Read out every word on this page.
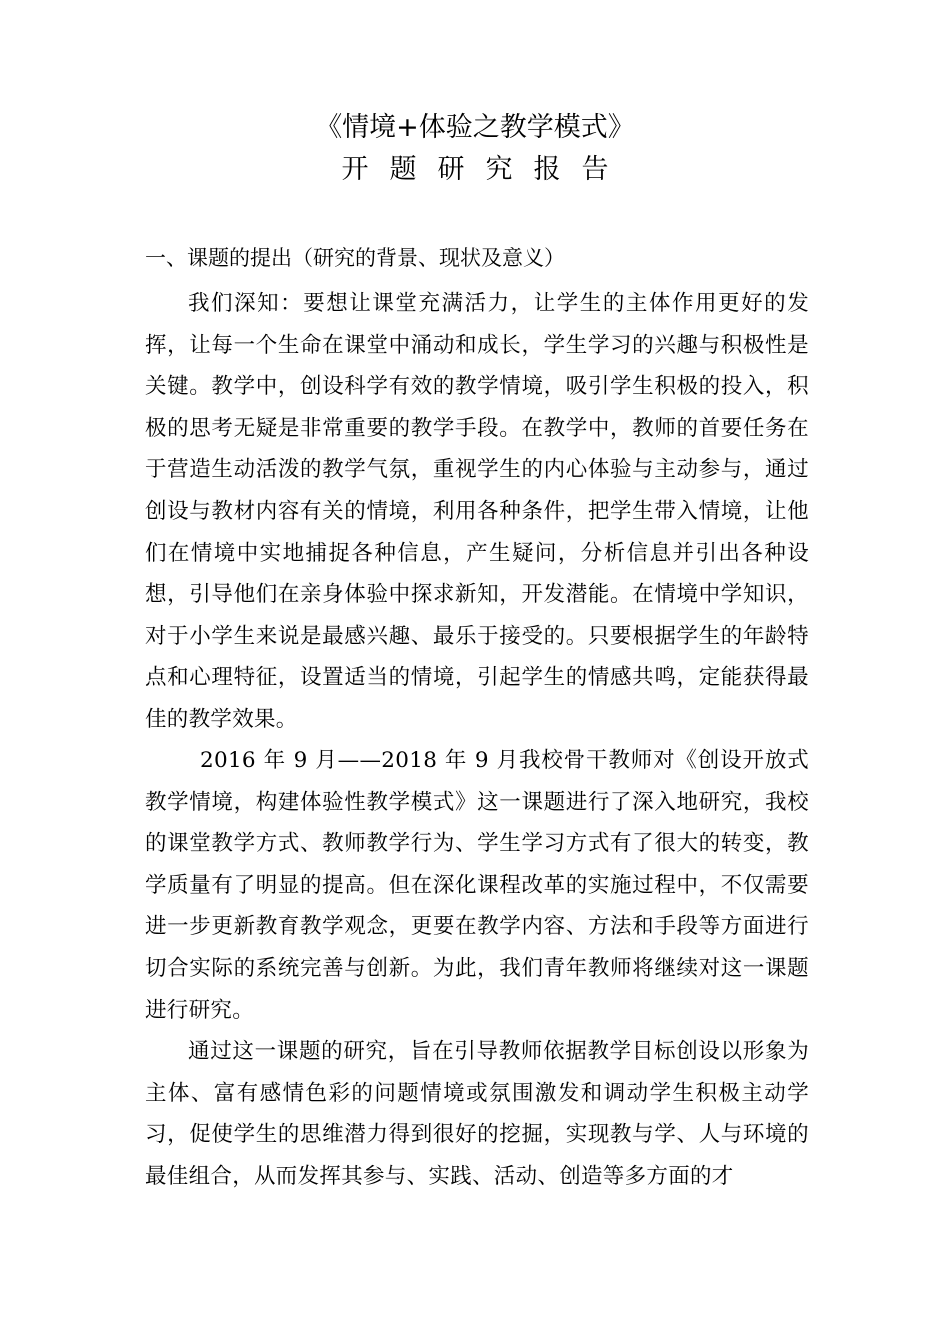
《情境+体验之教学模式》
开题研究报告
一、课题的提出（研究的背景、现状及意义）

我们深知：要想让课堂充满活力，让学生的主体作用更好的发挥，让每一个生命在课堂中涌动和成长，学生学习的兴趣与积极性是关键。教学中，创设科学有效的教学情境，吸引学生积极的投入，积极的思考无疑是非常重要的教学手段。在教学中，教师的首要任务在于营造生动活泼的教学气氛，重视学生的内心体验与主动参与，通过创设与教材内容有关的情境，利用各种条件，把学生带入情境，让他们在情境中实地捕捉各种信息，产生疑问，分析信息并引出各种设想，引导他们在亲身体验中探求新知，开发潜能。在情境中学知识，对于小学生来说是最感兴趣、最乐于接受的。只要根据学生的年龄特点和心理特征，设置适当的情境，引起学生的情感共鸣，定能获得最佳的教学效果。

2016 年 9 月——2018 年 9 月我校骨干教师对《创设开放式教学情境，构建体验性教学模式》这一课题进行了深入地研究，我校的课堂教学方式、教师教学行为、学生学习方式有了很大的转变，教学质量有了明显的提高。但在深化课程改革的实施过程中，不仅需要进一步更新教育教学观念，更要在教学内容、方法和手段等方面进行切合实际的系统完善与创新。为此，我们青年教师将继续对这一课题进行研究。

通过这一课题的研究，旨在引导教师依据教学目标创设以形象为主体、富有感情色彩的问题情境或氛围激发和调动学生积极主动学习，促使学生的思维潜力得到很好的挖掘，实现教与学、人与环境的最佳组合，从而发挥其参与、实践、活动、创造等多方面的才
